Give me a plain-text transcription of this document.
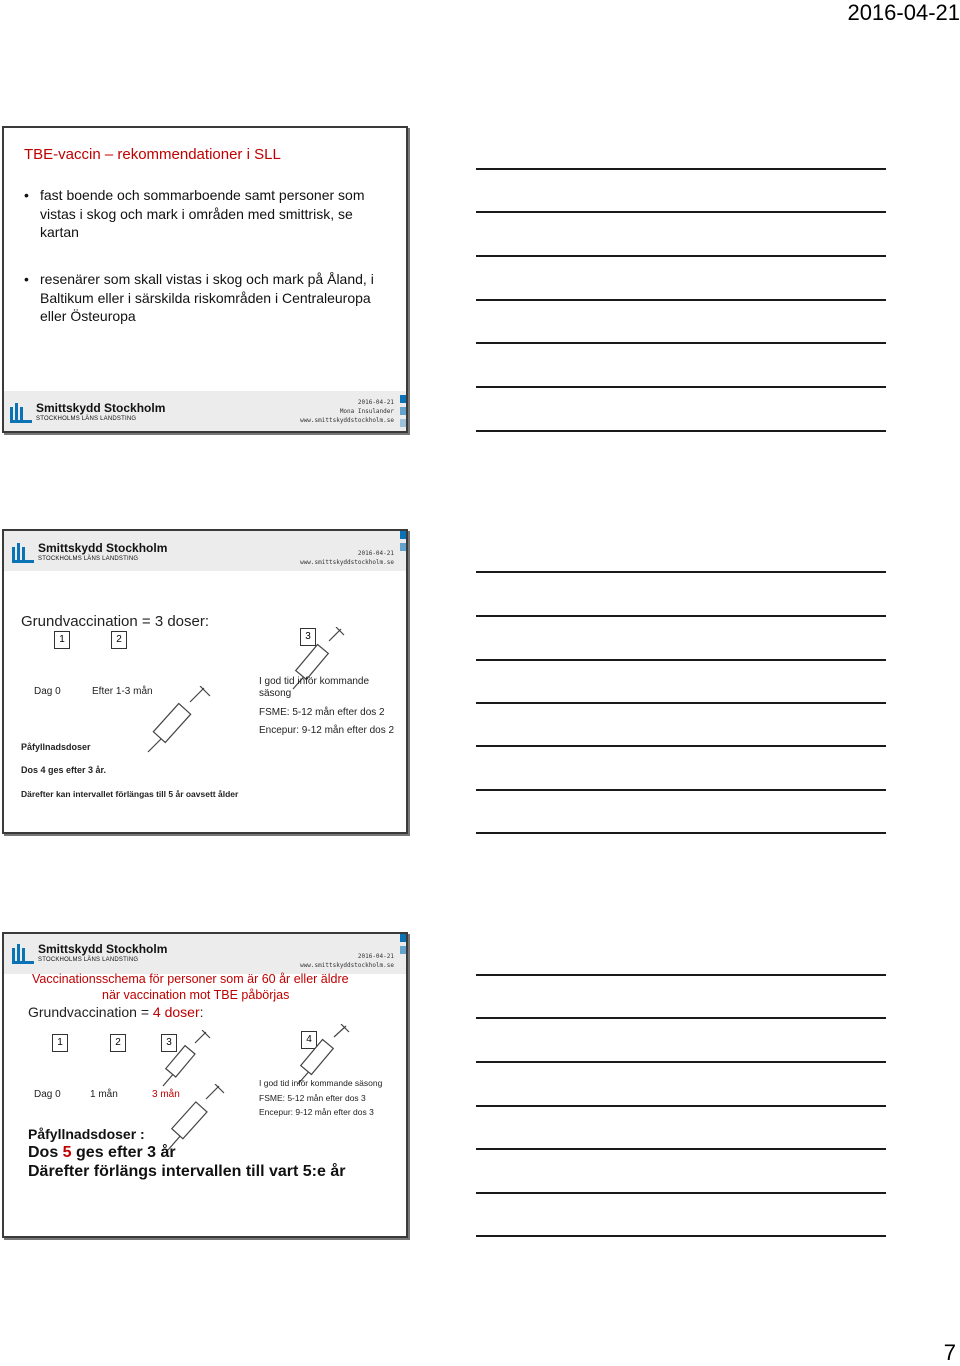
2016-04-21
TBE-vaccin – rekommendationer i SLL
• fast boende och sommarboende samt personer som
vistas i skog och mark i områden med smittrisk, se
kartan
• resenärer som skall vistas i skog och mark på Åland, i
Baltikum eller i särskilda riskområden i Centraleuropa
eller Östeuropa
Smittskydd Stockholm
STOCKHOLMS LÄNS LANDSTING
2016-04-21
Mona Insulander
www.smittskyddstockholm.se
Smittskydd Stockholm
STOCKHOLMS LÄNS LANDSTING
2016-04-21
www.smittskyddstockholm.se
Grundvaccination = 3 doser:
1	2	3
Dag 0	Efter 1-3 mån
I god tid inför kommande
säsong
FSME: 5-12 mån efter dos 2
Encepur: 9-12 mån efter dos 2
Påfyllnadsdoser
Dos 4 ges efter 3 år.
Därefter kan intervallet förlängas till 5 år oavsett ålder
Smittskydd Stockholm
STOCKHOLMS LÄNS LANDSTING	2016-04-21
www.smittskyddstockholm.se
Vaccinationsschema för personer som är 60 år eller äldre
när vaccination mot TBE påbörjas
Grundvaccination = 4 doser:
1	2	3	4
Dag 0	1 mån	3 mån
I god tid inför kommande säsong
FSME: 5-12 mån efter dos 3
Encepur: 9-12 mån efter dos 3
Påfyllnadsdoser :
Dos 5 ges efter 3 år
Därefter förlängs intervallen till vart 5:e år
7
